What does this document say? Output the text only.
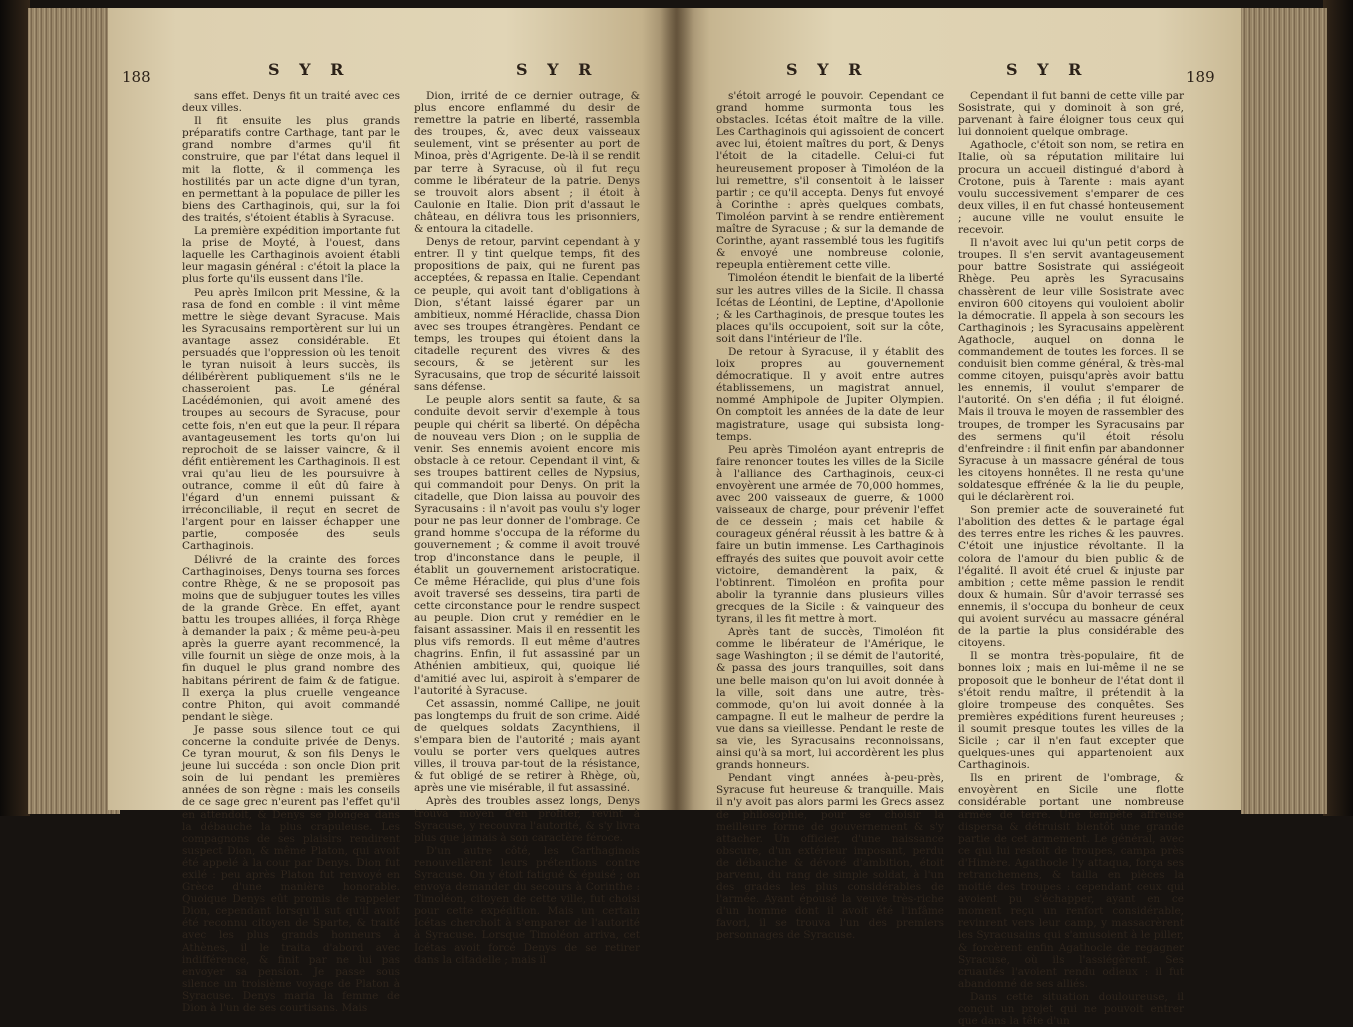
188	S Y R	S Y R

sans effet. Denys fit un traité avec ces deux villes.

Il fit ensuite les plus grands préparatifs contre Carthage, tant par le grand nombre d'armes qu'il fit construire, que par l'état dans lequel il mit la flotte, & il commença les hostilités par un acte digne d'un tyran, en permettant à la populace de piller les biens des Carthaginois, qui, sur la foi des traités, s'étoient établis à Syracuse.

La première expédition importante fut la prise de Moyté, à l'ouest, dans laquelle les Carthaginois avoient établi leur magasin général : c'étoit la place la plus forte qu'ils eussent dans l'île.

Peu après Imilcon prit Messine, & la rasa de fond en comble : il vint même mettre le siège devant Syracuse. Mais les Syracusains remportèrent sur lui un avantage assez considérable. Et persuadés que l'oppression où les tenoit le tyran nuisoit à leurs succès, ils délibérèrent publiquement s'ils ne le chasseroient pas. Le général Lacédémonien, qui avoit amené des troupes au secours de Syracuse, pour cette fois, n'en eut que la peur. Il répara avantageusement les torts qu'on lui reprochoit de se laisser vaincre, & il défit entièrement les Carthaginois. Il est vrai qu'au lieu de les poursuivre à outrance, comme il eût dû faire à l'égard d'un ennemi puissant & irréconciliable, il reçut en secret de l'argent pour en laisser échapper une partie, composée des seuls Carthaginois.

Délivré de la crainte des forces Carthaginoises, Denys tourna ses forces contre Rhège, & ne se proposoit pas moins que de subjuguer toutes les villes de la grande Grèce. En effet, ayant battu les troupes alliées, il força Rhège à demander la paix ; & même peu-à-peu après la guerre ayant recommencé, la ville fournit un siège de onze mois, à la fin duquel le plus grand nombre des habitans périrent de faim & de fatigue. Il exerça la plus cruelle vengeance contre Phiton, qui avoit commandé pendant le siège.

Je passe sous silence tout ce qui concerne la conduite privée de Denys. Ce tyran mourut, & son fils Denys le jeune lui succéda : son oncle Dion prit soin de lui pendant les premières années de son règne : mais les conseils de ce sage grec n'eurent pas l'effet qu'il en attendoit, & Denys se plongea dans la débauche la plus crapuleuse. Les compagnons de ses plaisirs rendirent suspect Dion, & même Platon, qui avoit été appelé à la cour par Denys. Dion fut exilé : peu après Platon fut renvoyé en Grèce d'une manière honorable. Quoique Denys eût promis de rappeler Dion, cependant lorsqu'il sut qu'il avoit été reconnu citoyen de Sparte, & traité avec les plus grands honneurs à Athènes, il le traita d'abord avec indifférence, & finit par ne lui pas envoyer sa pension. Je passe sous silence un troisième voyage de Platon à Syracuse. Denys maria la femme de Dion à l'un de ses courtisans. Mais

Dion, irrité de ce dernier outrage, & plus encore enflammé du desir de remettre la patrie en liberté, rassembla des troupes, &, avec deux vaisseaux seulement, vint se présenter au port de Minoa, près d'Agrigente. De-là il se rendit par terre à Syracuse, où il fut reçu comme le libérateur de la patrie. Denys se trouvoit alors absent ; il étoit à Caulonie en Italie. Dion prit d'assaut le château, en délivra tous les prisonniers, & entoura la citadelle.

Denys de retour, parvint cependant à y entrer. Il y tint quelque temps, fit des propositions de paix, qui ne furent pas acceptées, & repassa en Italie. Cependant ce peuple, qui avoit tant d'obligations à Dion, s'étant laissé égarer par un ambitieux, nommé Héraclide, chassa Dion avec ses troupes étrangères. Pendant ce temps, les troupes qui étoient dans la citadelle reçurent des vivres & des secours, & se jetèrent sur les Syracusains, que trop de sécurité laissoit sans défense.

Le peuple alors sentit sa faute, & sa conduite devoit servir d'exemple à tous peuple qui chérit sa liberté. On dépêcha de nouveau vers Dion ; on le supplia de venir. Ses ennemis avoient encore mis obstacle à ce retour. Cependant il vint, & ses troupes battirent celles de Nypsius, qui commandoit pour Denys. On prit la citadelle, que Dion laissa au pouvoir des Syracusains : il n'avoit pas voulu s'y loger pour ne pas leur donner de l'ombrage. Ce grand homme s'occupa de la réforme du gouvernement ; & comme il avoit trouvé trop d'inconstance dans le peuple, il établit un gouvernement aristocratique. Ce même Héraclide, qui plus d'une fois avoit traversé ses desseins, tira parti de cette circonstance pour le rendre suspect au peuple. Dion crut y remédier en le faisant assassiner. Mais il en ressentit les plus vifs remords. Il eut même d'autres chagrins. Enfin, il fut assassiné par un Athénien ambitieux, qui, quoique lié d'amitié avec lui, aspiroit à s'emparer de l'autorité à Syracuse.

Cet assassin, nommé Callipe, ne jouit pas longtemps du fruit de son crime. Aidé de quelques soldats Zacynthiens, il s'empara bien de l'autorité ; mais ayant voulu se porter vers quelques autres villes, il trouva par-tout de la résistance, & fut obligé de se retirer à Rhège, où, après une vie misérable, il fut assassiné.

Après des troubles assez longs, Denys trouva moyen d'en profiter, revint à Syracuse, y recouvra l'autorité, & s'y livra plus que jamais à son caractère féroce.

D'un autre côté, les Carthaginois renouvellèrent leurs prétentions contre Syracuse. On y étoit fatigué & épuisé ; on envoya demander du secours à Corinthe : Timoléon, citoyen de cette ville, fut choisi pour cette expédition. Mais un certain Icétas cherchoit à s'emparer de l'autorité à Syracuse. Lorsque Timoléon arriva, cet Icétas avoit forcé Denys de se retirer dans la citadelle ; mais il

S Y R	S Y R	189

s'étoit arrogé le pouvoir. Cependant ce grand homme surmonta tous les obstacles. Icétas étoit maître de la ville. Les Carthaginois qui agissoient de concert avec lui, étoient maîtres du port, & Denys l'étoit de la citadelle. Celui-ci fut heureusement proposer à Timoléon de la lui remettre, s'il consentoit à le laisser partir ; ce qu'il accepta. Denys fut envoyé à Corinthe : après quelques combats, Timoléon parvint à se rendre entièrement maître de Syracuse ; & sur la demande de Corinthe, ayant rassemblé tous les fugitifs & envoyé une nombreuse colonie, repeupla entièrement cette ville.

Timoléon étendit le bienfait de la liberté sur les autres villes de la Sicile. Il chassa Icétas de Léontini, de Leptine, d'Apollonie ; & les Carthaginois, de presque toutes les places qu'ils occupoient, soit sur la côte, soit dans l'intérieur de l'île.

De retour à Syracuse, il y établit des loix propres au gouvernement démocratique. Il y avoit entre autres établissemens, un magistrat annuel, nommé Amphipole de Jupiter Olympien. On comptoit les années de la date de leur magistrature, usage qui subsista long-temps.

Peu après Timoléon ayant entrepris de faire renoncer toutes les villes de la Sicile à l'alliance des Carthaginois, ceux-ci envoyèrent une armée de 70,000 hommes, avec 200 vaisseaux de guerre, & 1000 vaisseaux de charge, pour prévenir l'effet de ce dessein ; mais cet habile & courageux général réussit à les battre & à faire un butin immense. Les Carthaginois effrayés des suites que pouvoit avoir cette victoire, demandèrent la paix, & l'obtinrent. Timoléon en profita pour abolir la tyrannie dans plusieurs villes grecques de la Sicile : & vainqueur des tyrans, il les fit mettre à mort.

Après tant de succès, Timoléon fit comme le libérateur de l'Amérique, le sage Washington ; il se démit de l'autorité, & passa des jours tranquilles, soit dans une belle maison qu'on lui avoit donnée à la ville, soit dans une autre, très-commode, qu'on lui avoit donnée à la campagne. Il eut le malheur de perdre la vue dans sa vieillesse. Pendant le reste de sa vie, les Syracusains reconnoissans, ainsi qu'à sa mort, lui accordèrent les plus grands honneurs.

Pendant vingt années à-peu-près, Syracuse fut heureuse & tranquille. Mais il n'y avoit pas alors parmi les Grecs assez de philosophie, pour se choisir la meilleure forme de gouvernement & s'y attacher. Un officier, d'une naissance obscure, d'un extérieur imposant, perdu de débauche & dévoré d'ambition, étoit parvenu, du rang de simple soldat, à l'un des grades les plus considérables de l'armée. Ayant épousé la veuve très-riche d'un homme dont il avoit été l'infâme favori, il se trouva l'un des premiers personnages de Syracuse.

Cependant il fut banni de cette ville par Sosistrate, qui y dominoit à son gré, parvenant à faire éloigner tous ceux qui lui donnoient quelque ombrage.

Agathocle, c'étoit son nom, se retira en Italie, où sa réputation militaire lui procura un accueil distingué d'abord à Crotone, puis à Tarente : mais ayant voulu successivement s'emparer de ces deux villes, il en fut chassé honteusement ; aucune ville ne voulut ensuite le recevoir.

Il n'avoit avec lui qu'un petit corps de troupes. Il s'en servit avantageusement pour battre Sosistrate qui assiégeoit Rhège. Peu après les Syracusains chassèrent de leur ville Sosistrate avec environ 600 citoyens qui vouloient abolir la démocratie. Il appela à son secours les Carthaginois ; les Syracusains appelèrent Agathocle, auquel on donna le commandement de toutes les forces. Il se conduisit bien comme général, & très-mal comme citoyen, puisqu'après avoir battu les ennemis, il voulut s'emparer de l'autorité. On s'en défia ; il fut éloigné. Mais il trouva le moyen de rassembler des troupes, de tromper les Syracusains par des sermens qu'il étoit résolu d'enfreindre : il finit enfin par abandonner Syracuse à un massacre général de tous les citoyens honnêtes. Il ne resta qu'une soldatesque effrénée & la lie du peuple, qui le déclarèrent roi.

Son premier acte de souveraineté fut l'abolition des dettes & le partage égal des terres entre les riches & les pauvres. C'étoit une injustice révoltante. Il la colora de l'amour du bien public & de l'égalité. Il avoit été cruel & injuste par ambition ; cette même passion le rendit doux & humain. Sûr d'avoir terrassé ses ennemis, il s'occupa du bonheur de ceux qui avoient survécu au massacre général de la partie la plus considérable des citoyens.

Il se montra très-populaire, fit de bonnes loix ; mais en lui-même il ne se proposoit que le bonheur de l'état dont il s'étoit rendu maître, il prétendit à la gloire trompeuse des conquêtes. Ses premières expéditions furent heureuses ; il soumit presque toutes les villes de la Sicile ; car il n'en faut excepter que quelques-unes qui appartenoient aux Carthaginois.

Ils en prirent de l'ombrage, & envoyèrent en Sicile une flotte considérable portant une nombreuse armée de terre. Une tempête affreuse dispersa & détruisit bientôt une grande partie de cet armement. Le général, avec ce qui lui restoit de troupes, campa près d'Himère. Agathocle l'y attaqua, força ses retranchemens, & tailla en pièces la moitié des troupes : cependant ceux qui avoient pu s'échapper, ayant en ce moment reçu un renfort considérable, revinrent vers leur camp, y massacrèrent les Syracusains qui s'amusoient à le piller, & forcèrent enfin Agathocle de regagner Syracuse, où ils l'assiégèrent. Ses cruautés l'avoient rendu odieux : il fut abandonné de ses alliés.

Dans cette situation douloureuse, il conçut un projet qui ne pouvoit entrer que dans la tête d'un
